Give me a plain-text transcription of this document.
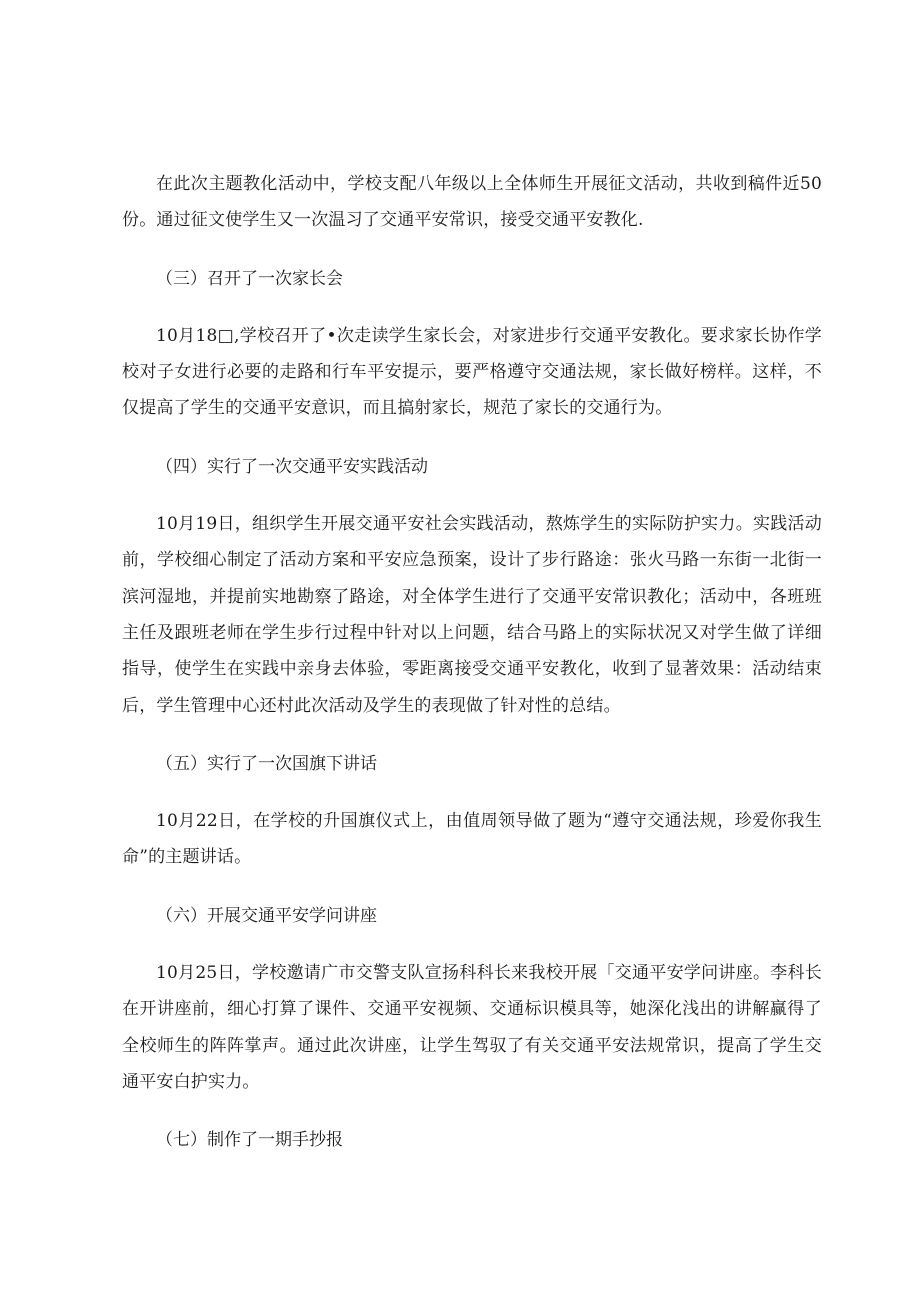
在此次主题教化活动中，学校支配八年级以上全体师生开展征文活动，共收到稿件近50份。通过征文使学生又一次温习了交通平安常识，接受交通平安教化.

（三）召开了一次家长会

10月18□,学校召开了•次走读学生家长会，对家进步行交通平安教化。要求家长协作学校对子女进行必要的走路和行车平安提示，要严格遵守交通法规，家长做好榜样。这样，不仅提高了学生的交通平安意识，而且搞射家长，规范了家长的交通行为。

（四）实行了一次交通平安实践活动

10月19日，组织学生开展交通平安社会实践活动，熬炼学生的实际防护实力。实践活动前，学校细心制定了活动方案和平安应急预案，设计了步行路途：张火马路一东街一北街一滨河湿地，并提前实地勘察了路途，对全体学生进行了交通平安常识教化；活动中，各班班主任及跟班老师在学生步行过程中针对以上问题，结合马路上的实际状况又对学生做了详细指导，使学生在实践中亲身去体验，零距离接受交通平安教化，收到了显著效果：活动结束后，学生管理中心还村此次活动及学生的表现做了针对性的总结。

（五）实行了一次国旗下讲话

10月22日，在学校的升国旗仪式上，由值周领导做了题为“遵守交通法规，珍爱你我生命”的主题讲话。

（六）开展交通平安学问讲座

10月25日，学校邀请广市交警支队宣扬科科长来我校开展「交通平安学问讲座。李科长在开讲座前，细心打算了课件、交通平安视频、交通标识模具等，她深化浅出的讲解赢得了全校师生的阵阵掌声。通过此次讲座，让学生驾驭了有关交通平安法规常识，提高了学生交通平安白护实力。

（七）制作了一期手抄报
